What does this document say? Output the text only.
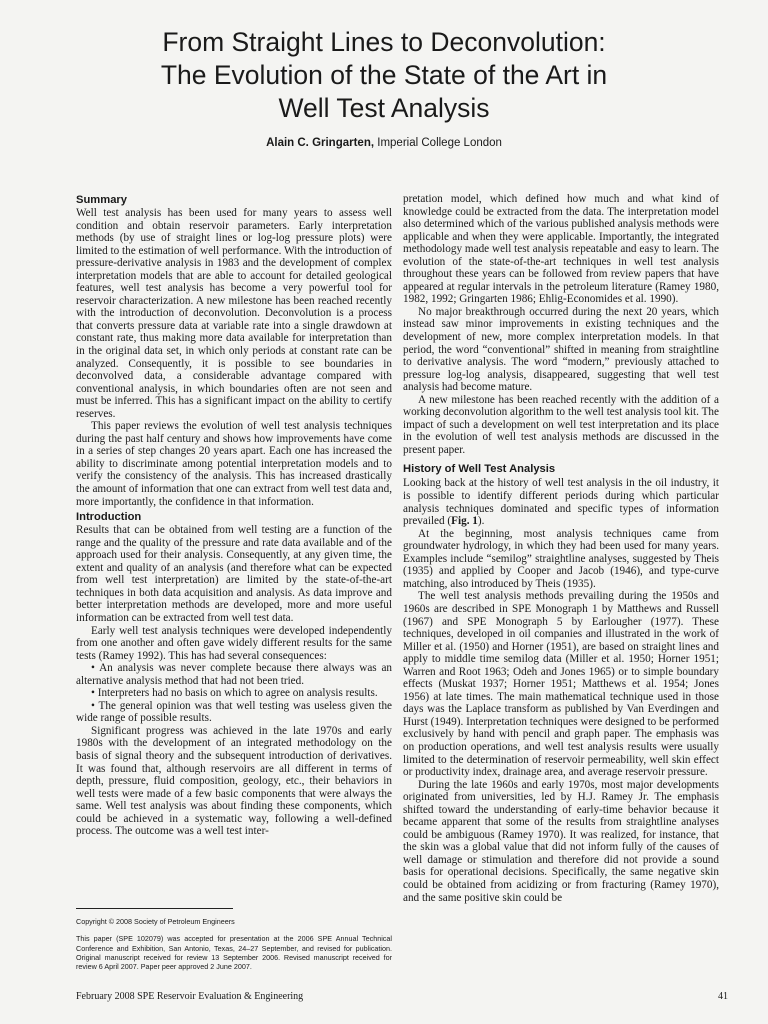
From Straight Lines to Deconvolution:
The Evolution of the State of the Art in
Well Test Analysis
Alain C. Gringarten, Imperial College London
Summary

Well test analysis has been used for many years to assess well condition and obtain reservoir parameters. Early interpretation methods (by use of straight lines or log-log pressure plots) were limited to the estimation of well performance. With the introduction of pressure-derivative analysis in 1983 and the development of complex interpretation models that are able to account for detailed geological features, well test analysis has become a very powerful tool for reservoir characterization. A new milestone has been reached recently with the introduction of deconvolution. Deconvolution is a process that converts pressure data at variable rate into a single drawdown at constant rate, thus making more data available for interpretation than in the original data set, in which only periods at constant rate can be analyzed. Consequently, it is possible to see boundaries in deconvolved data, a considerable advantage compared with conventional analysis, in which boundaries often are not seen and must be inferred. This has a significant impact on the ability to certify reserves.

This paper reviews the evolution of well test analysis techniques during the past half century and shows how improvements have come in a series of step changes 20 years apart. Each one has increased the ability to discriminate among potential interpretation models and to verify the consistency of the analysis. This has increased drastically the amount of information that one can extract from well test data and, more importantly, the confidence in that information.

Introduction

Results that can be obtained from well testing are a function of the range and the quality of the pressure and rate data available and of the approach used for their analysis. Consequently, at any given time, the extent and quality of an analysis (and therefore what can be expected from well test interpretation) are limited by the state-of-the-art techniques in both data acquisition and analysis. As data improve and better interpretation methods are developed, more and more useful information can be extracted from well test data.

Early well test analysis techniques were developed independently from one another and often gave widely different results for the same tests (Ramey 1992). This has had several consequences:

• An analysis was never complete because there always was an alternative analysis method that had not been tried.

• Interpreters had no basis on which to agree on analysis results.

• The general opinion was that well testing was useless given the wide range of possible results.

Significant progress was achieved in the late 1970s and early 1980s with the development of an integrated methodology on the basis of signal theory and the subsequent introduction of derivatives. It was found that, although reservoirs are all different in terms of depth, pressure, fluid composition, geology, etc., their behaviors in well tests were made of a few basic components that were always the same. Well test analysis was about finding these components, which could be achieved in a systematic way, following a well-defined process. The outcome was a well test inter-

pretation model, which defined how much and what kind of knowledge could be extracted from the data. The interpretation model also determined which of the various published analysis methods were applicable and when they were applicable. Importantly, the integrated methodology made well test analysis repeatable and easy to learn. The evolution of the state-of-the-art techniques in well test analysis throughout these years can be followed from review papers that have appeared at regular intervals in the petroleum literature (Ramey 1980, 1982, 1992; Gringarten 1986; Ehlig-Economides et al. 1990).

No major breakthrough occurred during the next 20 years, which instead saw minor improvements in existing techniques and the development of new, more complex interpretation models. In that period, the word “conventional” shifted in meaning from straightline to derivative analysis. The word “modern,” previously attached to pressure log-log analysis, disappeared, suggesting that well test analysis had become mature.

A new milestone has been reached recently with the addition of a working deconvolution algorithm to the well test analysis tool kit. The impact of such a development on well test interpretation and its place in the evolution of well test analysis methods are discussed in the present paper.

History of Well Test Analysis

Looking back at the history of well test analysis in the oil industry, it is possible to identify different periods during which particular analysis techniques dominated and specific types of information prevailed (Fig. 1).

At the beginning, most analysis techniques came from groundwater hydrology, in which they had been used for many years. Examples include “semilog” straightline analyses, suggested by Theis (1935) and applied by Cooper and Jacob (1946), and type-curve matching, also introduced by Theis (1935).

The well test analysis methods prevailing during the 1950s and 1960s are described in SPE Monograph 1 by Matthews and Russell (1967) and SPE Monograph 5 by Earlougher (1977). These techniques, developed in oil companies and illustrated in the work of Miller et al. (1950) and Horner (1951), are based on straight lines and apply to middle time semilog data (Miller et al. 1950; Horner 1951; Warren and Root 1963; Odeh and Jones 1965) or to simple boundary effects (Muskat 1937; Horner 1951; Matthews et al. 1954; Jones 1956) at late times. The main mathematical technique used in those days was the Laplace transform as published by Van Everdingen and Hurst (1949). Interpretation techniques were designed to be performed exclusively by hand with pencil and graph paper. The emphasis was on production operations, and well test analysis results were usually limited to the determination of reservoir permeability, well skin effect or productivity index, drainage area, and average reservoir pressure.

During the late 1960s and early 1970s, most major developments originated from universities, led by H.J. Ramey Jr. The emphasis shifted toward the understanding of early-time behavior because it became apparent that some of the results from straightline analyses could be ambiguous (Ramey 1970). It was realized, for instance, that the skin was a global value that did not inform fully of the causes of well damage or stimulation and therefore did not provide a sound basis for operational decisions. Specifically, the same negative skin could be obtained from acidizing or from fracturing (Ramey 1970), and the same positive skin could be

Copyright © 2008 Society of Petroleum Engineers

This paper (SPE 102079) was accepted for presentation at the 2006 SPE Annual Technical Conference and Exhibition, San Antonio, Texas, 24–27 September, and revised for publication. Original manuscript received for review 13 September 2006. Revised manuscript received for review 6 April 2007. Paper peer approved 2 June 2007.

February 2008 SPE Reservoir Evaluation & Engineering	41
